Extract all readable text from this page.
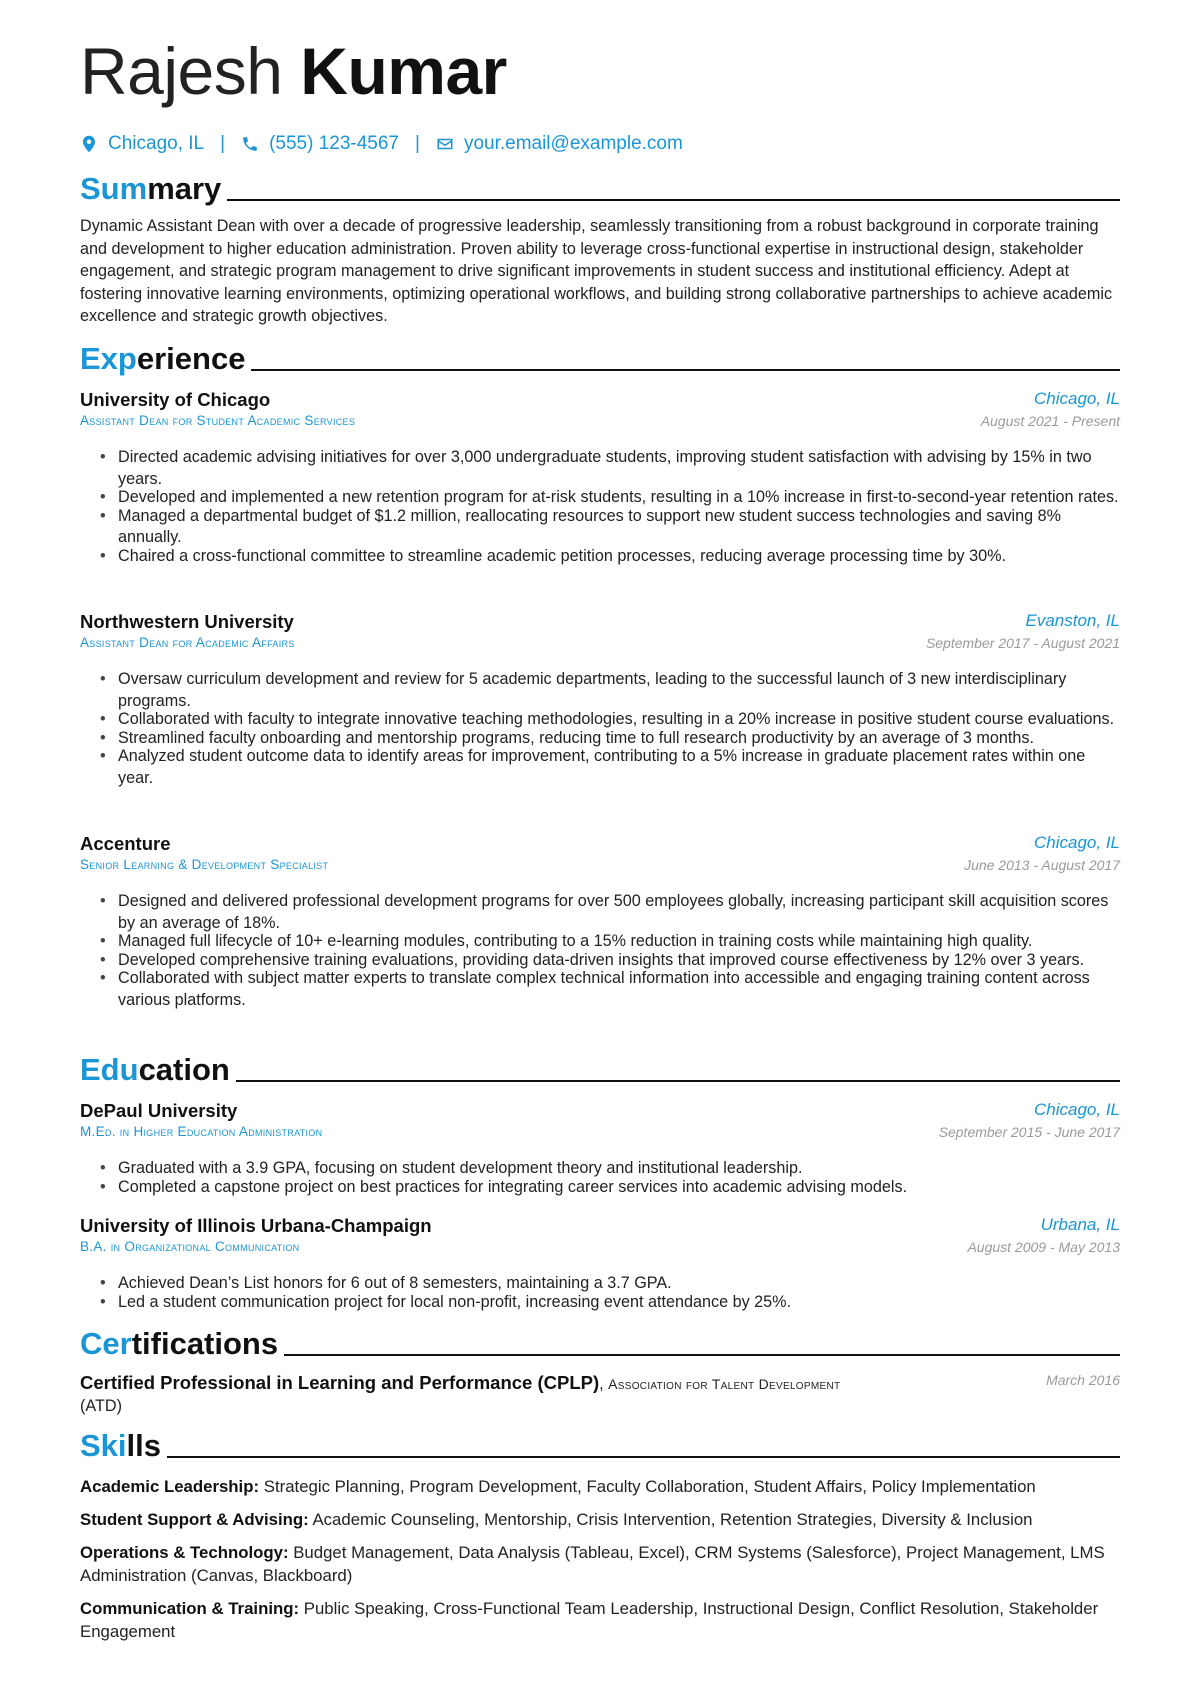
Rajesh Kumar
Chicago, IL | (555) 123-4567 | your.email@example.com
Summary

Dynamic Assistant Dean with over a decade of progressive leadership, seamlessly transitioning from a robust background in corporate training and development to higher education administration. Proven ability to leverage cross-functional expertise in instructional design, stakeholder engagement, and strategic program management to drive significant improvements in student success and institutional efficiency. Adept at fostering innovative learning environments, optimizing operational workflows, and building strong collaborative partnerships to achieve academic excellence and strategic growth objectives.

Experience
University of Chicago	Chicago, IL
Assistant Dean for Student Academic Services	August 2021 - Present
• Directed academic advising initiatives for over 3,000 undergraduate students, improving student satisfaction with advising by 15% in two years.
• Developed and implemented a new retention program for at-risk students, resulting in a 10% increase in first-to-second-year retention rates.
• Managed a departmental budget of $1.2 million, reallocating resources to support new student success technologies and saving 8% annually.
• Chaired a cross-functional committee to streamline academic petition processes, reducing average processing time by 30%.
Northwestern University	Evanston, IL
Assistant Dean for Academic Affairs	September 2017 - August 2021
• Oversaw curriculum development and review for 5 academic departments, leading to the successful launch of 3 new interdisciplinary programs.
• Collaborated with faculty to integrate innovative teaching methodologies, resulting in a 20% increase in positive student course evaluations.
• Streamlined faculty onboarding and mentorship programs, reducing time to full research productivity by an average of 3 months.
• Analyzed student outcome data to identify areas for improvement, contributing to a 5% increase in graduate placement rates within one year.
Accenture	Chicago, IL
Senior Learning & Development Specialist	June 2013 - August 2017
• Designed and delivered professional development programs for over 500 employees globally, increasing participant skill acquisition scores by an average of 18%.
• Managed full lifecycle of 10+ e-learning modules, contributing to a 15% reduction in training costs while maintaining high quality.
• Developed comprehensive training evaluations, providing data-driven insights that improved course effectiveness by 12% over 3 years.
• Collaborated with subject matter experts to translate complex technical information into accessible and engaging training content across various platforms.
Education
DePaul University	Chicago, IL
M.Ed. in Higher Education Administration	September 2015 - June 2017
• Graduated with a 3.9 GPA, focusing on student development theory and institutional leadership.
• Completed a capstone project on best practices for integrating career services into academic advising models.
University of Illinois Urbana-Champaign	Urbana, IL
B.A. in Organizational Communication	August 2009 - May 2013
• Achieved Dean’s List honors for 6 out of 8 semesters, maintaining a 3.7 GPA.
• Led a student communication project for local non-profit, increasing event attendance by 25%.
Certifications
Certified Professional in Learning and Performance (CPLP), Association for Talent Development
(ATD)
March 2016
Skills

Academic Leadership: Strategic Planning, Program Development, Faculty Collaboration, Student Affairs, Policy Implementation

Student Support & Advising: Academic Counseling, Mentorship, Crisis Intervention, Retention Strategies, Diversity & Inclusion

Operations & Technology: Budget Management, Data Analysis (Tableau, Excel), CRM Systems (Salesforce), Project Management, LMS Administration (Canvas, Blackboard)

Communication & Training: Public Speaking, Cross-Functional Team Leadership, Instructional Design, Conflict Resolution, Stakeholder Engagement
